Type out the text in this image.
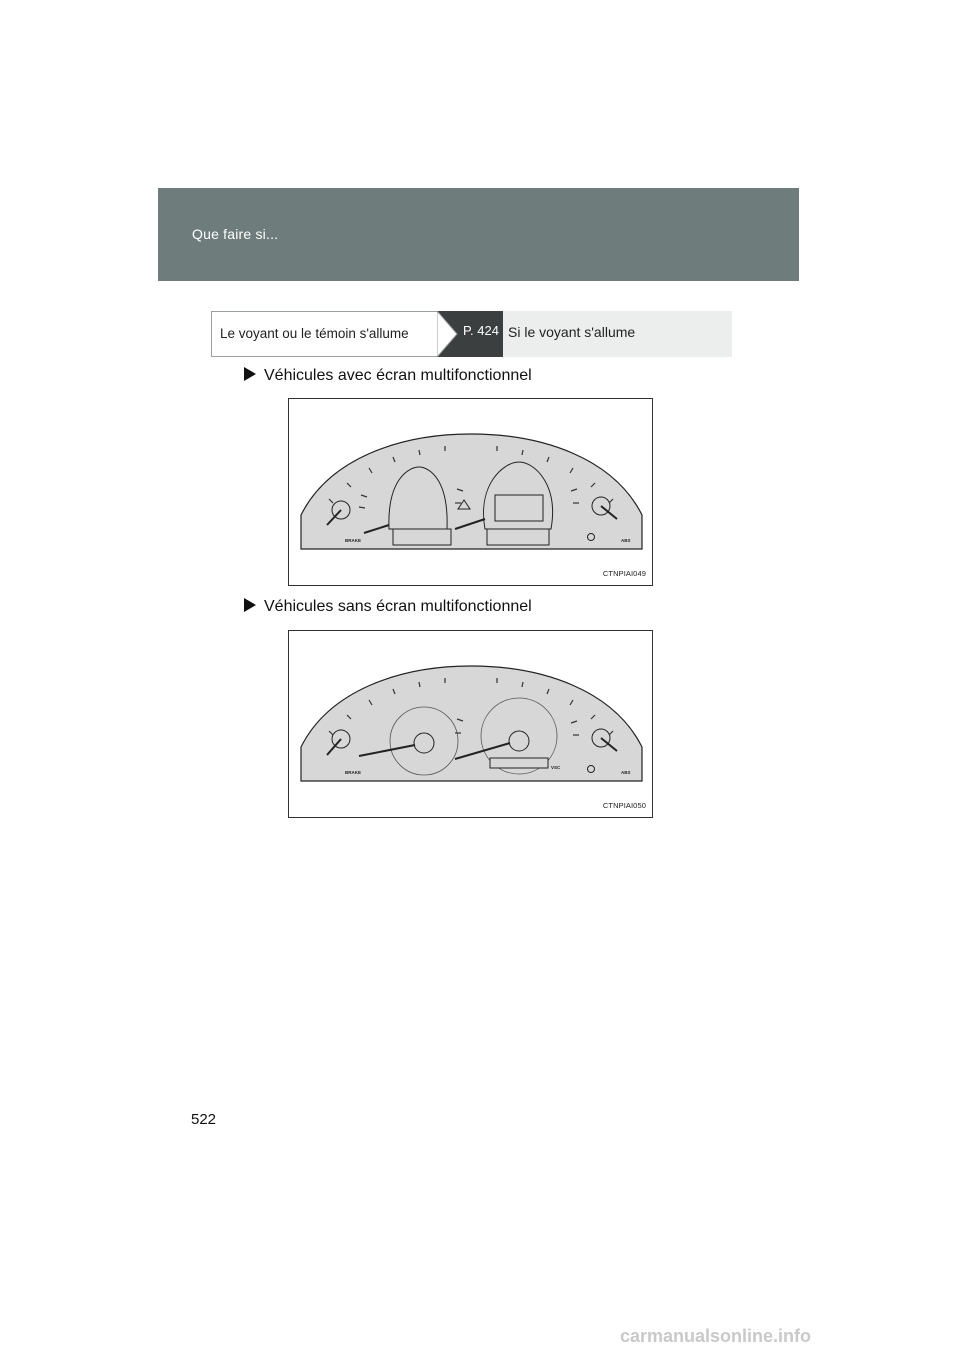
Que faire si...
Le voyant ou le témoin s'allume	P. 424 Si le voyant s'allume
Véhicules avec écran multifonctionnel
BRAKE	ABS
CTNPIAI049
Véhicules sans écran multifonctionnel
BRAKE
VSC
ABS
CTNPIAI050
522
carmanualsonline.info
